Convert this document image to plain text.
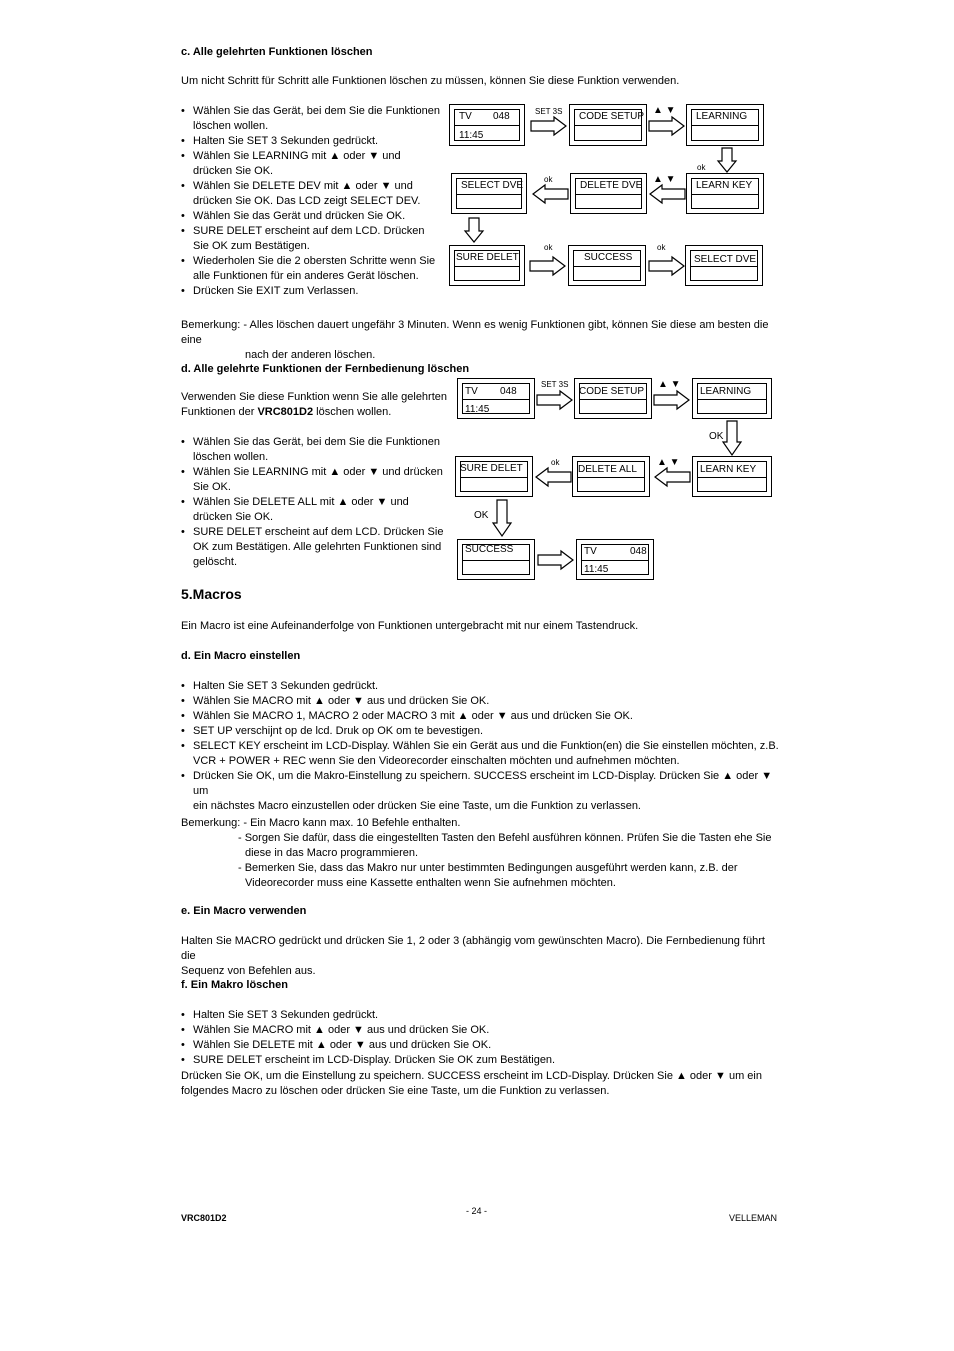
c. Alle gelehrten Funktionen löschen
Um nicht Schritt für Schritt alle Funktionen löschen zu müssen, können Sie diese Funktion verwenden.
• Wählen Sie das Gerät, bei dem Sie die Funktionen
löschen wollen.
• Halten Sie SET 3 Sekunden gedrückt.
• Wählen Sie LEARNING mit ▲ oder ▼ und
drücken Sie OK.
• Wählen Sie DELETE DEV mit ▲ oder ▼ und
drücken Sie OK. Das LCD zeigt SELECT DEV.
• Wählen Sie das Gerät und drücken Sie OK.
• SURE DELET erscheint auf dem LCD. Drücken
Sie OK zum Bestätigen.
• Wiederholen Sie die 2 obersten Schritte wenn Sie
alle Funktionen für ein anderes Gerät löschen.
• Drücken Sie EXIT zum Verlassen.
TV 048
11:45
SET 3S CODE SETUP
▲ ▼
LEARNING
ok
SELECT DVE
ok
DELETE DVE
▲ ▼
LEARN KEY
SURE DELET
ok
SUCCESS
ok
SELECT DVE
Bemerkung: - Alles löschen dauert ungefähr 3 Minuten. Wenn es wenig Funktionen gibt, können Sie diese am besten die eine
nach der anderen löschen.
d. Alle gelehrte Funktionen der Fernbedienung löschen
Verwenden Sie diese Funktion wenn Sie alle gelehrten
Funktionen der VRC801D2 löschen wollen.
• Wählen Sie das Gerät, bei dem Sie die Funktionen
löschen wollen.
• Wählen Sie LEARNING mit ▲ oder ▼ und drücken
Sie OK.
• Wählen Sie DELETE ALL mit ▲ oder ▼ und
drücken Sie OK.
• SURE DELET erscheint auf dem LCD. Drücken Sie
OK zum Bestätigen. Alle gelehrten Funktionen sind
gelöscht.
TV 048
11:45
SET 3S
CODE SETUP
▲ ▼
LEARNING
OK
SURE DELET
ok
DELETE ALL
▲ ▼
LEARN KEY
OK
SUCCESS	TV	048
11:45
5.Macros
Ein Macro ist eine Aufeinanderfolge von Funktionen untergebracht mit nur einem Tastendruck.
d. Ein Macro einstellen
• Halten Sie SET 3 Sekunden gedrückt.
• Wählen Sie MACRO mit ▲ oder ▼ aus und drücken Sie OK.
• Wählen Sie MACRO 1, MACRO 2 oder MACRO 3 mit ▲ oder ▼ aus und drücken Sie OK.
• SET UP verschijnt op de lcd. Druk op OK om te bevestigen.
• SELECT KEY erscheint im LCD-Display. Wählen Sie ein Gerät aus und die Funktion(en) die Sie einstellen möchten, z.B.
VCR + POWER + REC wenn Sie den Videorecorder einschalten möchten und aufnehmen möchten.
• Drücken Sie OK, um die Makro-Einstellung zu speichern. SUCCESS erscheint im LCD-Display. Drücken Sie ▲ oder ▼ um
ein nächstes Macro einzustellen oder drücken Sie eine Taste, um die Funktion zu verlassen.
Bemerkung: - Ein Macro kann max. 10 Befehle enthalten.
- Sorgen Sie dafür, dass die eingestellten Tasten den Befehl ausführen können. Prüfen Sie die Tasten ehe Sie
diese in das Macro programmieren.
- Bemerken Sie, dass das Makro nur unter bestimmten Bedingungen ausgeführt werden kann, z.B. der
Videorecorder muss eine Kassette enthalten wenn Sie aufnehmen möchten.
e. Ein Macro verwenden
Halten Sie MACRO gedrückt und drücken Sie 1, 2 oder 3 (abhängig vom gewünschten Macro). Die Fernbedienung führt die
Sequenz von Befehlen aus.
f. Ein Makro löschen
• Halten Sie SET 3 Sekunden gedrückt.
• Wählen Sie MACRO mit ▲ oder ▼ aus und drücken Sie OK.
• Wählen Sie DELETE mit ▲ oder ▼ aus und drücken Sie OK.
• SURE DELET erscheint im LCD-Display. Drücken Sie OK zum Bestätigen.
Drücken Sie OK, um die Einstellung zu speichern. SUCCESS erscheint im LCD-Display. Drücken Sie ▲ oder ▼ um ein
folgendes Macro zu löschen oder drücken Sie eine Taste, um die Funktion zu verlassen.
VRC801D2
- 24 -
VELLEMAN
